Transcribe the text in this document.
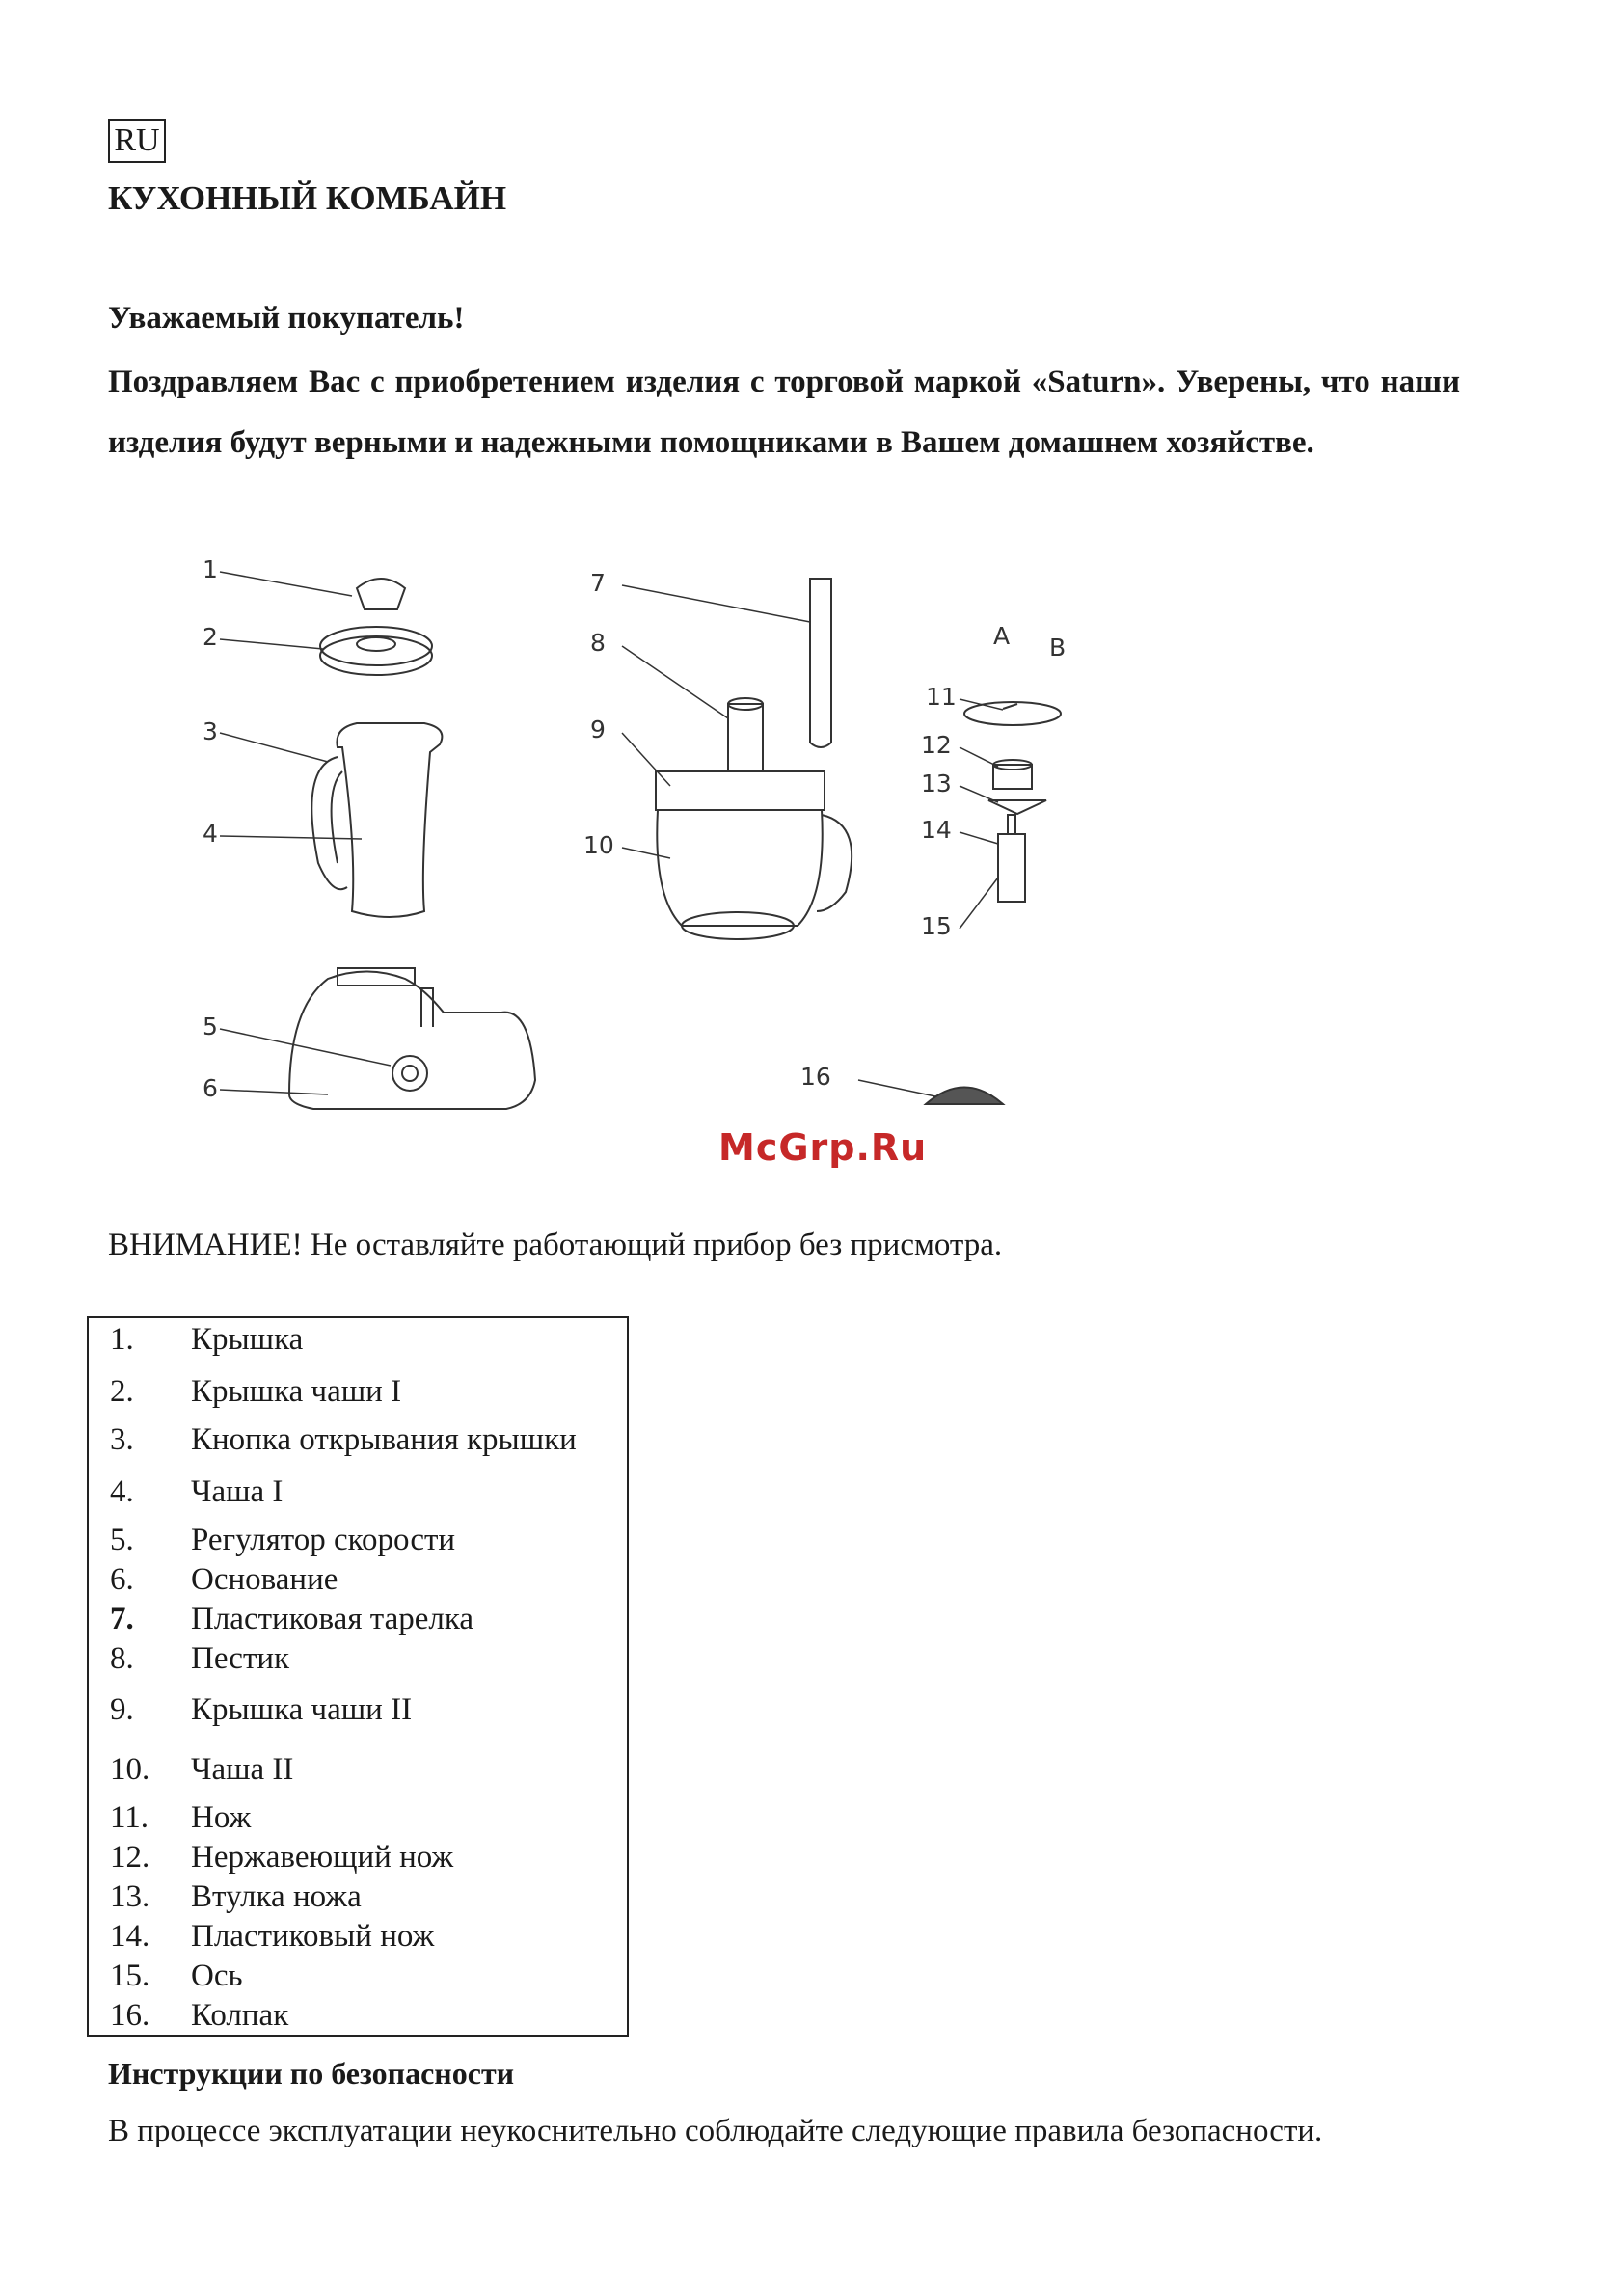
RU
КУХОННЫЙ КОМБАЙН
Уважаемый покупатель!
Поздравляем Вас с приобретением изделия с торговой маркой «Saturn». Уверены, что наши изделия будут верными и надежными помощниками в Вашем домашнем хозяйстве.
1
2
3
4
5
6
7
8
9
10
11
12
13
14
15
16
A B
McGrp.Ru
ВНИМАНИЕ! Не оставляйте работающий прибор без присмотра.
1. Крышка
2. Крышка чаши I
3. Кнопка открывания крышки
4. Чаша I
5. Регулятор скорости
6. Основание
7. Пластиковая тарелка
8. Пестик
9. Крышка чаши II
10. Чаша II
11. Нож
12. Нержавеющий нож
13. Втулка ножа
14. Пластиковый нож
15. Ось
16. Колпак
Инструкции по безопасности
В процессе эксплуатации неукоснительно соблюдайте следующие правила безопасности.
